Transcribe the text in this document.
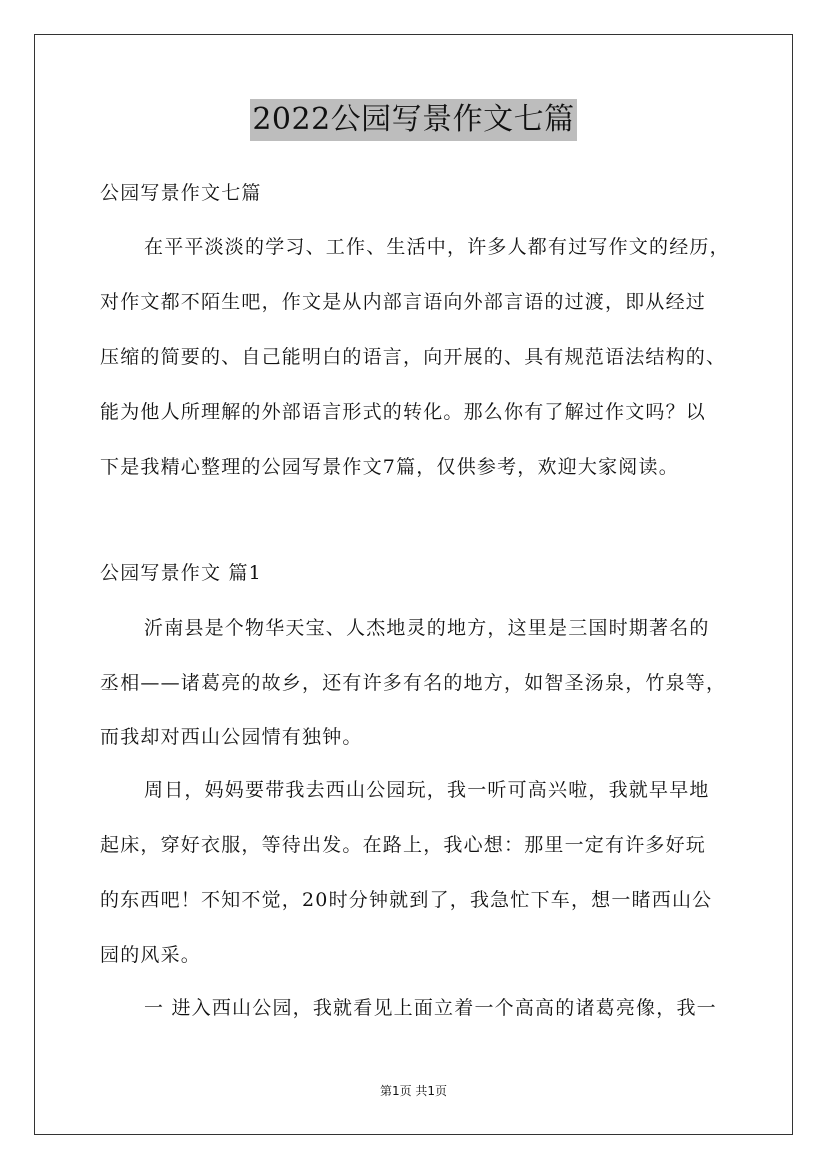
2022公园写景作文七篇
公园写景作文七篇
在平平淡淡的学习、工作、生活中，许多人都有过写作文的经历，
对作文都不陌生吧，作文是从内部言语向外部言语的过渡，即从经过
压缩的简要的、自己能明白的语言，向开展的、具有规范语法结构的、
能为他人所理解的外部语言形式的转化。那么你有了解过作文吗？以
下是我精心整理的公园写景作文7篇，仅供参考，欢迎大家阅读。
公园写景作文 篇1
沂南县是个物华天宝、人杰地灵的地方，这里是三国时期著名的
丞相——诸葛亮的故乡，还有许多有名的地方，如智圣汤泉，竹泉等，
而我却对西山公园情有独钟。
周日，妈妈要带我去西山公园玩，我一听可高兴啦，我就早早地
起床，穿好衣服，等待出发。在路上，我心想：那里一定有许多好玩
的东西吧！不知不觉，20时分钟就到了，我急忙下车，想一睹西山公
园的风采。
一 进入西山公园，我就看见上面立着一个高高的诸葛亮像，我一
第1页 共1页
